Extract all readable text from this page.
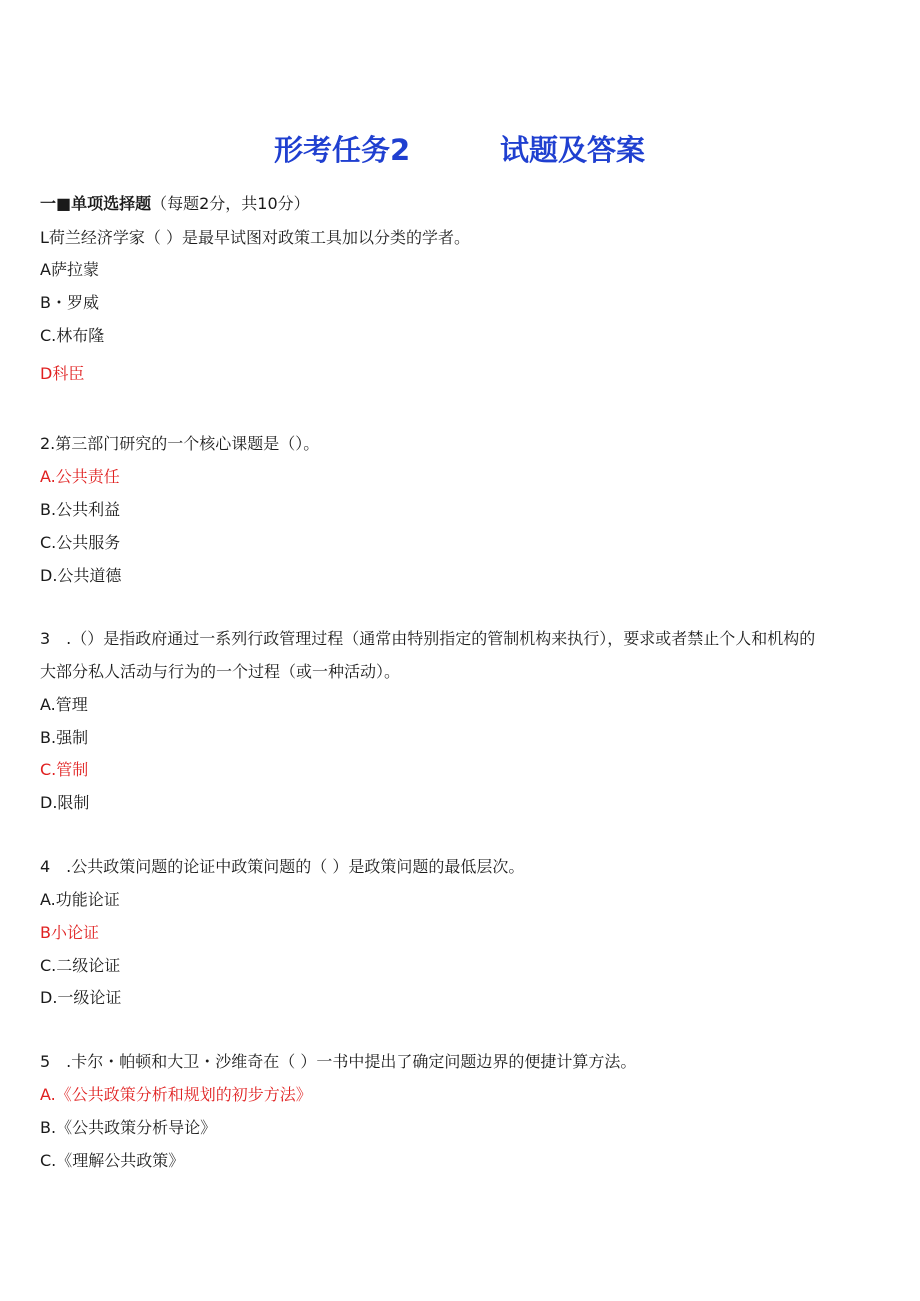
形考任务2	试题及答案
一■单项选择题（每题2分，共10分）
L荷兰经济学家（ ）是最早试图对政策工具加以分类的学者。
A萨拉蒙
B・罗威
C.林布隆
D科臣
2.第三部门研究的一个核心课题是（）。
A.公共责任
B.公共利益
C.公共服务
D.公共道德
3　.（）是指政府通过一系列行政管理过程（通常由特别指定的管制机构来执行），要求或者禁止个人和机构的
大部分私人活动与行为的一个过程（或一种活动）。
A.管理
B.强制
C.管制
D.限制
4　.公共政策问题的论证中政策问题的（ ）是政策问题的最低层次。
A.功能论证
B小论证
C.二级论证
D.一级论证
5　.卡尔・帕顿和大卫・沙维奇在（ ）一书中提出了确定问题边界的便捷计算方法。
A.《公共政策分析和规划的初步方法》
B.《公共政策分析导论》
C.《理解公共政策》
